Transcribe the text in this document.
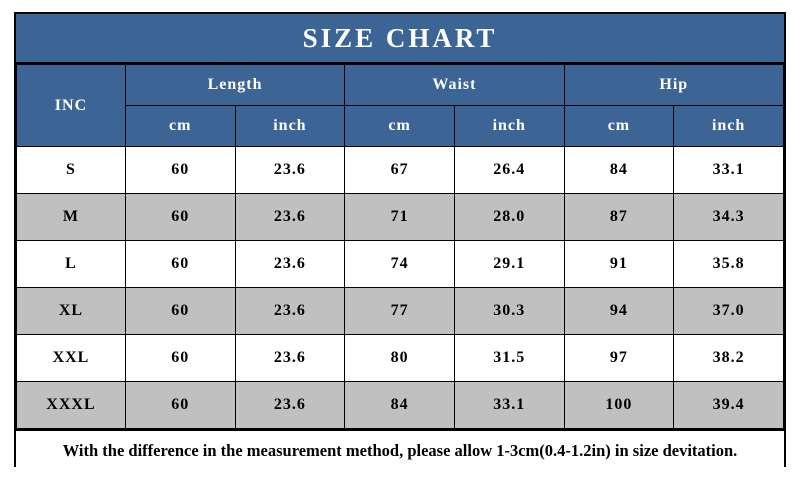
SIZE CHART
INC	Length		Waist		Hip	
	cm	inch	cm	inch	cm	inch
S	60	23.6	67	26.4	84	33.1
M	60	23.6	71	28.0	87	34.3
L	60	23.6	74	29.1	91	35.8
XL	60	23.6	77	30.3	94	37.0
XXL	60	23.6	80	31.5	97	38.2
XXXL	60	23.6	84	33.1	100	39.4
With the difference in the measurement method, please allow 1-3cm(0.4-1.2in) in size devitation.
